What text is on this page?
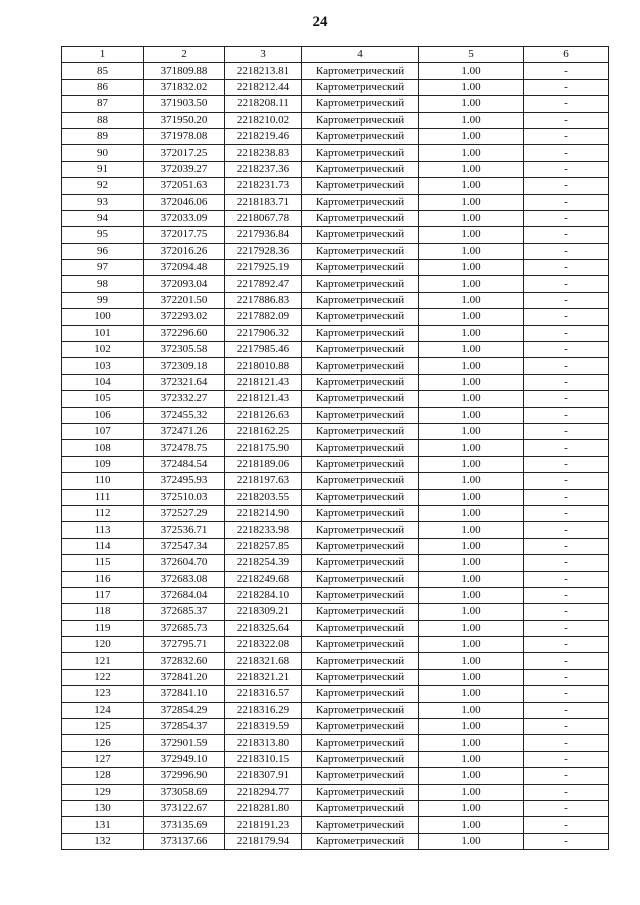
24
1	2	3	4	5	6
85	371809.88	2218213.81	Картометрический	1.00	-
86	371832.02	2218212.44	Картометрический	1.00	-
87	371903.50	2218208.11	Картометрический	1.00	-
88	371950.20	2218210.02	Картометрический	1.00	-
89	371978.08	2218219.46	Картометрический	1.00	-
90	372017.25	2218238.83	Картометрический	1.00	-
91	372039.27	2218237.36	Картометрический	1.00	-
92	372051.63	2218231.73	Картометрический	1.00	-
93	372046.06	2218183.71	Картометрический	1.00	-
94	372033.09	2218067.78	Картометрический	1.00	-
95	372017.75	2217936.84	Картометрический	1.00	-
96	372016.26	2217928.36	Картометрический	1.00	-
97	372094.48	2217925.19	Картометрический	1.00	-
98	372093.04	2217892.47	Картометрический	1.00	-
99	372201.50	2217886.83	Картометрический	1.00	-
100	372293.02	2217882.09	Картометрический	1.00	-
101	372296.60	2217906.32	Картометрический	1.00	-
102	372305.58	2217985.46	Картометрический	1.00	-
103	372309.18	2218010.88	Картометрический	1.00	-
104	372321.64	2218121.43	Картометрический	1.00	-
105	372332.27	2218121.43	Картометрический	1.00	-
106	372455.32	2218126.63	Картометрический	1.00	-
107	372471.26	2218162.25	Картометрический	1.00	-
108	372478.75	2218175.90	Картометрический	1.00	-
109	372484.54	2218189.06	Картометрический	1.00	-
110	372495.93	2218197.63	Картометрический	1.00	-
111	372510.03	2218203.55	Картометрический	1.00	-
112	372527.29	2218214.90	Картометрический	1.00	-
113	372536.71	2218233.98	Картометрический	1.00	-
114	372547.34	2218257.85	Картометрический	1.00	-
115	372604.70	2218254.39	Картометрический	1.00	-
116	372683.08	2218249.68	Картометрический	1.00	-
117	372684.04	2218284.10	Картометрический	1.00	-
118	372685.37	2218309.21	Картометрический	1.00	-
119	372685.73	2218325.64	Картометрический	1.00	-
120	372795.71	2218322.08	Картометрический	1.00	-
121	372832.60	2218321.68	Картометрический	1.00	-
122	372841.20	2218321.21	Картометрический	1.00	-
123	372841.10	2218316.57	Картометрический	1.00	-
124	372854.29	2218316.29	Картометрический	1.00	-
125	372854.37	2218319.59	Картометрический	1.00	-
126	372901.59	2218313.80	Картометрический	1.00	-
127	372949.10	2218310.15	Картометрический	1.00	-
128	372996.90	2218307.91	Картометрический	1.00	-
129	373058.69	2218294.77	Картометрический	1.00	-
130	373122.67	2218281.80	Картометрический	1.00	-
131	373135.69	2218191.23	Картометрический	1.00	-
132	373137.66	2218179.94	Картометрический	1.00	-
